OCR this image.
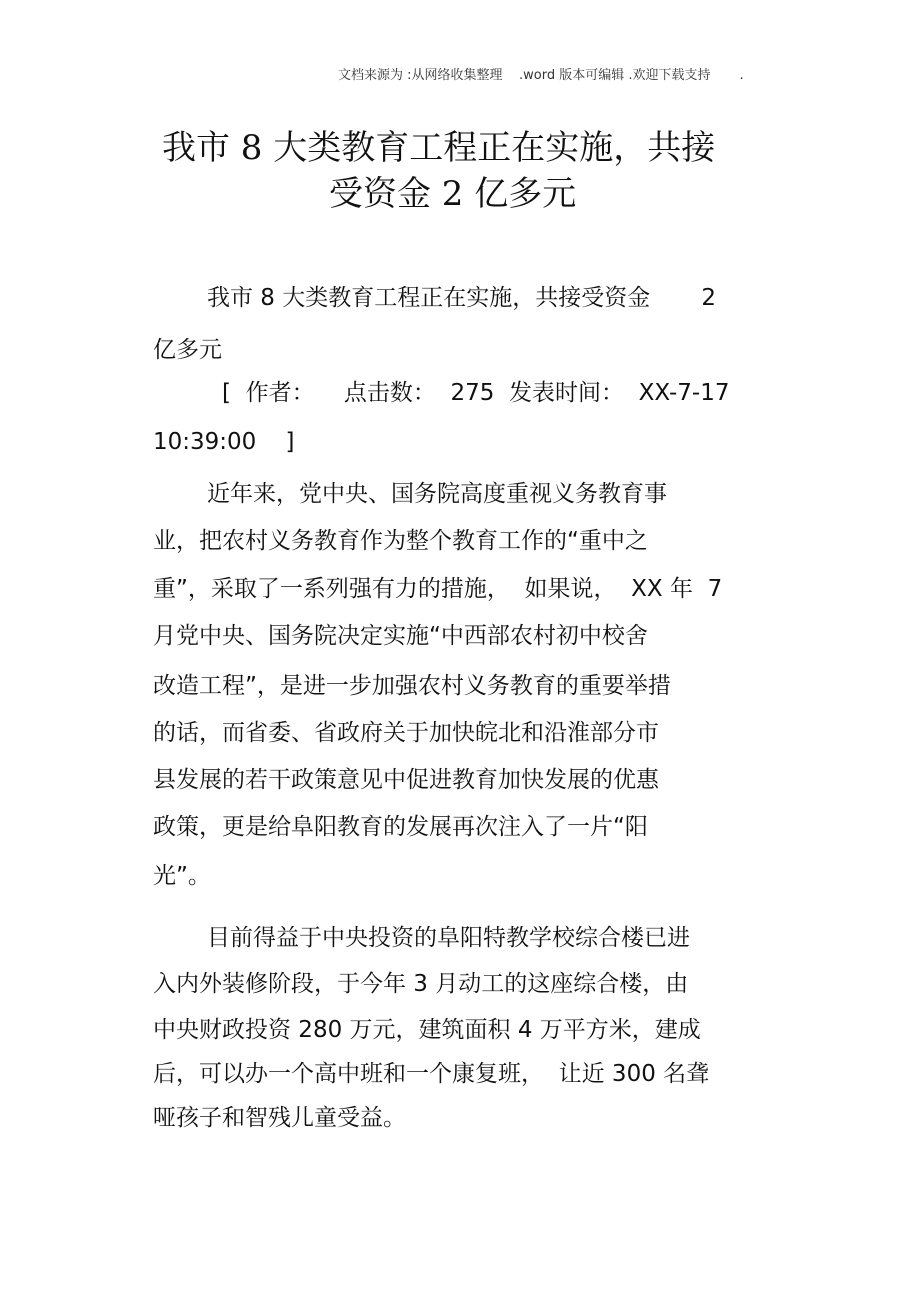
文档来源为 :从网络收集整理    .word 版本可编辑 .欢迎下载支持       .

我市 8 大类教育工程正在实施，共接
受资金 2 亿多元
我市 8 大类教育工程正在实施，共接受资金       2
亿多元
[  作者：    点击数：  275  发表时间：  XX-7-17
10:39:00    ]
近年来，党中央、国务院高度重视义务教育事
业，把农村义务教育作为整个教育工作的“重中之
重”，采取了一系列强有力的措施，  如果说，  XX 年  7
月党中央、国务院决定实施“中西部农村初中校舍
改造工程”，是进一步加强农村义务教育的重要举措
的话，而省委、省政府关于加快皖北和沿淮部分市
县发展的若干政策意见中促进教育加快发展的优惠
政策，更是给阜阳教育的发展再次注入了一片“阳
光”。
目前得益于中央投资的阜阳特教学校综合楼已进
入内外装修阶段，于今年 3 月动工的这座综合楼，由
中央财政投资 280 万元，建筑面积 4 万平方米，建成
后，可以办一个高中班和一个康复班，  让近 300 名聋
哑孩子和智残儿童受益。
